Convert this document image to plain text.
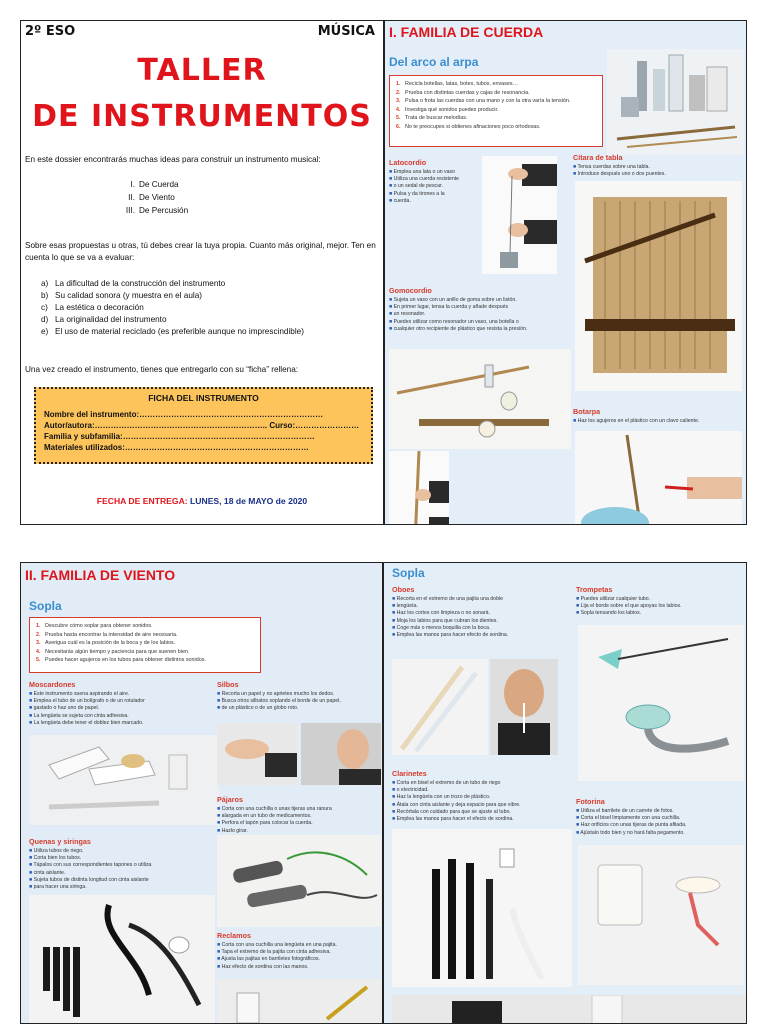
2º ESO	MÚSICA
TALLER
DE INSTRUMENTOS
En este dossier encontrarás muchas ideas para construir un instrumento musical:
I. De Cuerda
II. De Viento
III. De Percusión
Sobre esas propuestas u otras, tú debes crear la tuya propia. Cuanto más original, mejor. Ten en cuenta lo que se va a evaluar:
a) La dificultad de la construcción del instrumento
b) Su calidad sonora (y muestra en el aula)
c) La estética o decoración
d) La originalidad del instrumento
e) El uso de material reciclado (es preferible aunque no imprescindible)
Una vez creado el instrumento, tienes que entregarlo con su “ficha” rellena:
FICHA DEL INSTRUMENTO
Nombre del instrumento:……………………………………………………………
Autor/autora:……………………………………………………….. Curso:……………………
Familia y subfamilia:………………………………………………………………
Materiales utilizados:……………………………………………………………
FECHA DE ENTREGA: LUNES, 18 de MAYO de 2020
I. FAMILIA DE CUERDA
Del arco al arpa
1. Recicla botellas, latas, botes, tubos, envases…
2. Prueba con distintas cuerdas y cajas de resonancia.
3. Pulsa o frota las cuerdas con una mano y con la otra varía la tensión.
4. Investiga qué sonidos puedes producir.
5. Trata de buscar melodías.
6. No te preocupes si obtienes afinaciones poco ortodoxas.
Latocordio
■ Emplea una lata o un vaso
■ Utiliza una cuerda resistente
■ o un sedal de pescar.
■ Pulsa y da tirones a la
■ cuerda.
Cítara de tabla
■ Tensa cuerdas sobre una tabla.
■ Introduce después uno o dos puentes.
Gomocordio
■ Sujeta un vaso con un anillo de goma sobre un listón.
■ En primer lugar, tensa la cuerda y añade después
■ un resonador.
■ Puedes utilizar como resonador un vaso, una botella o
■ cualquier otro recipiente de plástico que resista la presión.
Botarpa
■ Haz los agujeros en el plástico con un clavo caliente.
II. FAMILIA DE VIENTO
Sopla
1. Descubre cómo soplar para obtener sonidos.
2. Prueba hasta encontrar la intensidad de aire necesaria.
3. Averigua cuál es la posición de la boca y de los labios.
4. Necesitarás algún tiempo y paciencia para que suenen bien.
5. Puedes hacer agujeros en los tubos para obtener distintos sonidos.
Moscardones
■ Este instrumento suena aspirando el aire.
■ Emplea el tubo de un bolígrafo o de un rotulador
■ gastado o haz uno de papel.
■ La lengüeta se sujeta con cinta adhesiva.
■ La lengüeta debe tener el doblez bien marcado.
Silbos
■ Recorta un papel y no aprietes mucho los dedos.
■ Busca otros silbatos soplando el borde de un papel,
■ de un plástico o de un globo roto.
Pájaros
■ Corta con una cuchilla o unas tijeras una ranura
■ alargada en un tubo de medicamentos.
■ Perfora el tapón para colocar la cuerda.
■ Hazlo girar.
Quenas y siringas
■ Utiliza tubos de riego.
■ Corta bien los tubos.
■ Tápalos con sus correspondientes tapones o utiliza
■ cinta aislante.
■ Sujeta tubos de distinta longitud con cinta aislante
■ para hacer una siringa.
Reclamos
■ Corta con una cuchilla una lengüeta en una pajita.
■ Tapa el extremo de la pajita con cinta adhesiva.
■ Ajusta las pajitas en barriletes fotográficos.
■ Haz efecto de sordina con las manos.
Sopla
Oboes
■ Recorta en el extremo de una pajita una doble
■ lengüeta.
■ Haz los cortes con limpieza o no sonará.
■ Moja los labios para que cubran los dientes.
■ Coge más o menos boquilla con la boca.
■ Emplea las manos para hacer efecto de sordina.
Trompetas
■ Puedes utilizar cualquier tubo.
■ Lija el borde sobre el que apoyas los labios.
■ Sopla tensando los labios.
Clarinetes
■ Corta en bisel el extremo de un tubo de riego
■ o electricidad.
■ Haz la lengüeta con un trozo de plástico.
■ Átala con cinta aislante y deja espacio para que vibre.
■ Recórtala con cuidado para que se ajuste al tubo.
■ Emplea las manos para hacer el efecto de sordina.
Fotorina
■ Utiliza el barrilete de un carrete de fotos.
■ Corta el bisel limpiamente con una cuchilla.
■ Haz orificios con unas tijeras de punta afilada.
■ Ajústalo todo bien y no hará falta pegamento.
